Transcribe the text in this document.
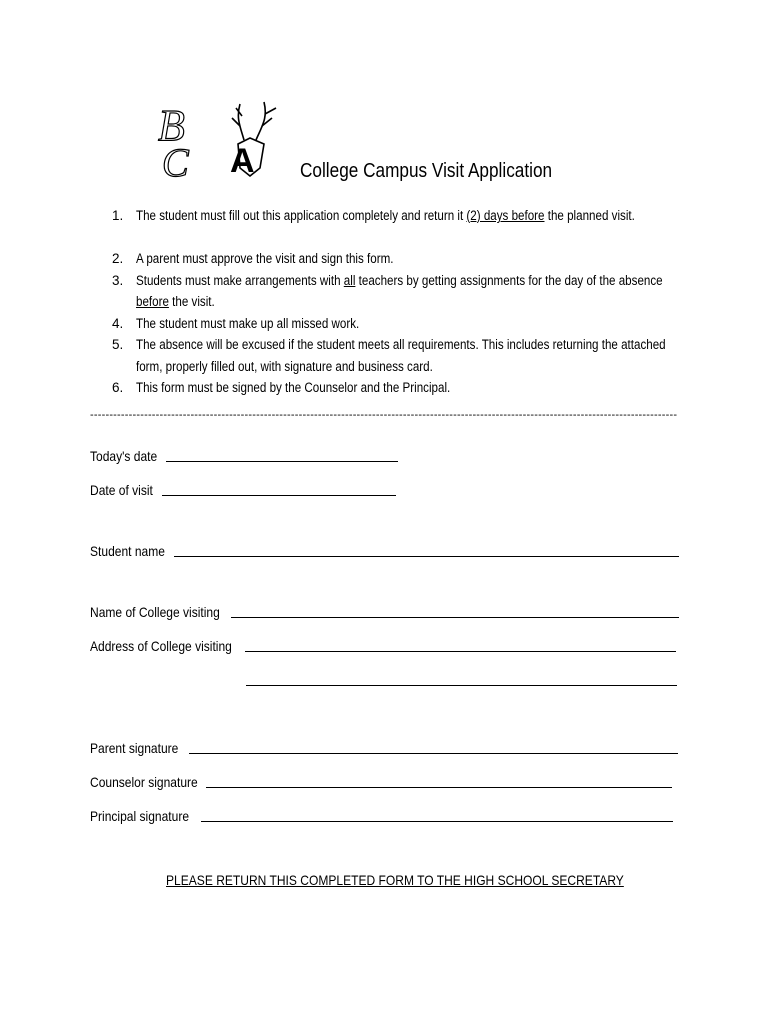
B
C A College Campus Visit Application
1. The student must fill out this application completely and return it (2) days before the planned visit.
2. A parent must approve the visit and sign this form.
3. Students must make arrangements with all teachers by getting assignments for the day of the absence before the visit.
4. The student must make up all missed work.
5. The absence will be excused if the student meets all requirements. This includes returning the attached form, properly filled out, with signature and business card.
6. This form must be signed by the Counselor and the Principal.
--------------------------------------------------------------------------------------------------------------------------------------------------------
Today's date
Date of visit
Student name
Name of College visiting
Address of College visiting
Parent signature
Counselor signature
Principal signature
PLEASE RETURN THIS COMPLETED FORM TO THE HIGH SCHOOL SECRETARY
